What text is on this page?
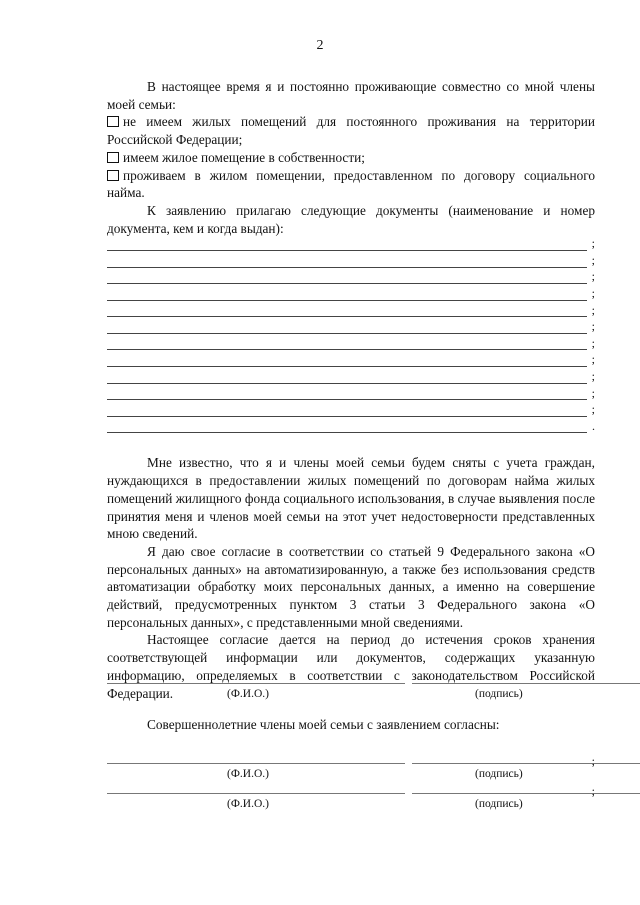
2

В настоящее время я и постоянно проживающие совместно со мной члены моей семьи:

не имеем жилых помещений для постоянного проживания на территории Российской Федерации;

имеем жилое помещение в собственности;

проживаем в жилом помещении, предоставленном по договору социального найма.

К заявлению прилагаю следующие документы (наименование и номер документа, кем и когда выдан):

;
;
;
;
;
;
;
;
;
;
;
.

Мне известно, что я и члены моей семьи будем сняты с учета граждан, нуждающихся в предоставлении жилых помещений по договорам найма жилых помещений жилищного фонда социального использования, в случае выявления после принятия меня и членов моей семьи на этот учет недостоверности представленных мною сведений.

Я даю свое согласие в соответствии со статьей 9 Федерального закона «О персональных данных» на автоматизированную, а также без использования средств автоматизации обработку моих персональных данных, а именно на совершение действий, предусмотренных пунктом 3 статьи 3 Федерального закона «О персональных данных», с представленными мной сведениями.

Настоящее согласие дается на период до истечения сроков хранения соответствующей информации или документов, содержащих указанную информацию, определяемых в соответствии с законодательством Российской Федерации.	(Ф.И.О.)	(подпись)
Совершеннолетние члены моей семьи с заявлением согласны:
;
(Ф.И.О.)	(подпись)
;
(Ф.И.О.)	(подпись)
